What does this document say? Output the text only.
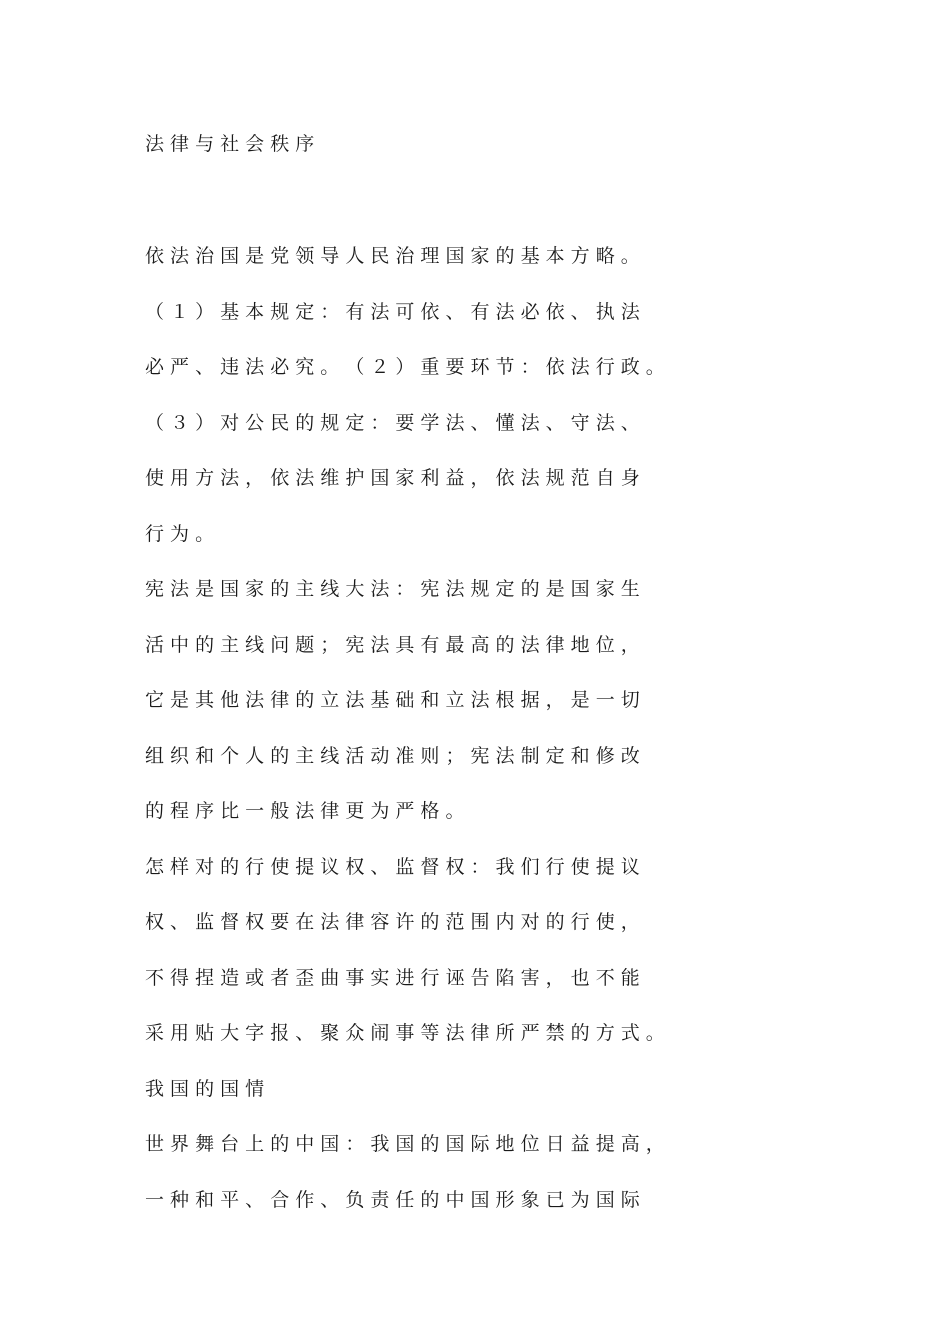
法 律 与 社 会 秩 序

依 法 治 国 是 党 领 导 人 民 治 理 国 家 的 基 本 方 略 。

（ １ ） 基 本 规 定 ： 有 法 可 依 、 有 法 必 依 、 执 法

必 严 、 违 法 必 究 。 （ ２ ） 重 要 环 节 ： 依 法 行 政 。

（ ３ ） 对 公 民 的 规 定 ： 要 学 法 、 懂 法 、 守 法 、

使 用 方 法 ， 依 法 维 护 国 家 利 益 ， 依 法 规 范 自 身

行 为 。

宪 法 是 国 家 的 主 线 大 法 ： 宪 法 规 定 的 是 国 家 生

活 中 的 主 线 问 题 ； 宪 法 具 有 最 高 的 法 律 地 位 ，

它 是 其 他 法 律 的 立 法 基 础 和 立 法 根 据 ， 是 一 切

组 织 和 个 人 的 主 线 活 动 准 则 ； 宪 法 制 定 和 修 改

的 程 序 比 一 般 法 律 更 为 严 格 。

怎 样 对 的 行 使 提 议 权 、 监 督 权 ： 我 们 行 使 提 议

权 、 监 督 权 要 在 法 律 容 许 的 范 围 内 对 的 行 使 ，

不 得 捏 造 或 者 歪 曲 事 实 进 行 诬 告 陷 害 ， 也 不 能

采 用 贴 大 字 报 、 聚 众 闹 事 等 法 律 所 严 禁 的 方 式 。

我 国 的 国 情

世 界 舞 台 上 的 中 国 ： 我 国 的 国 际 地 位 日 益 提 高 ，

一 种 和 平 、 合 作 、 负 责 任 的 中 国 形 象 已 为 国 际
